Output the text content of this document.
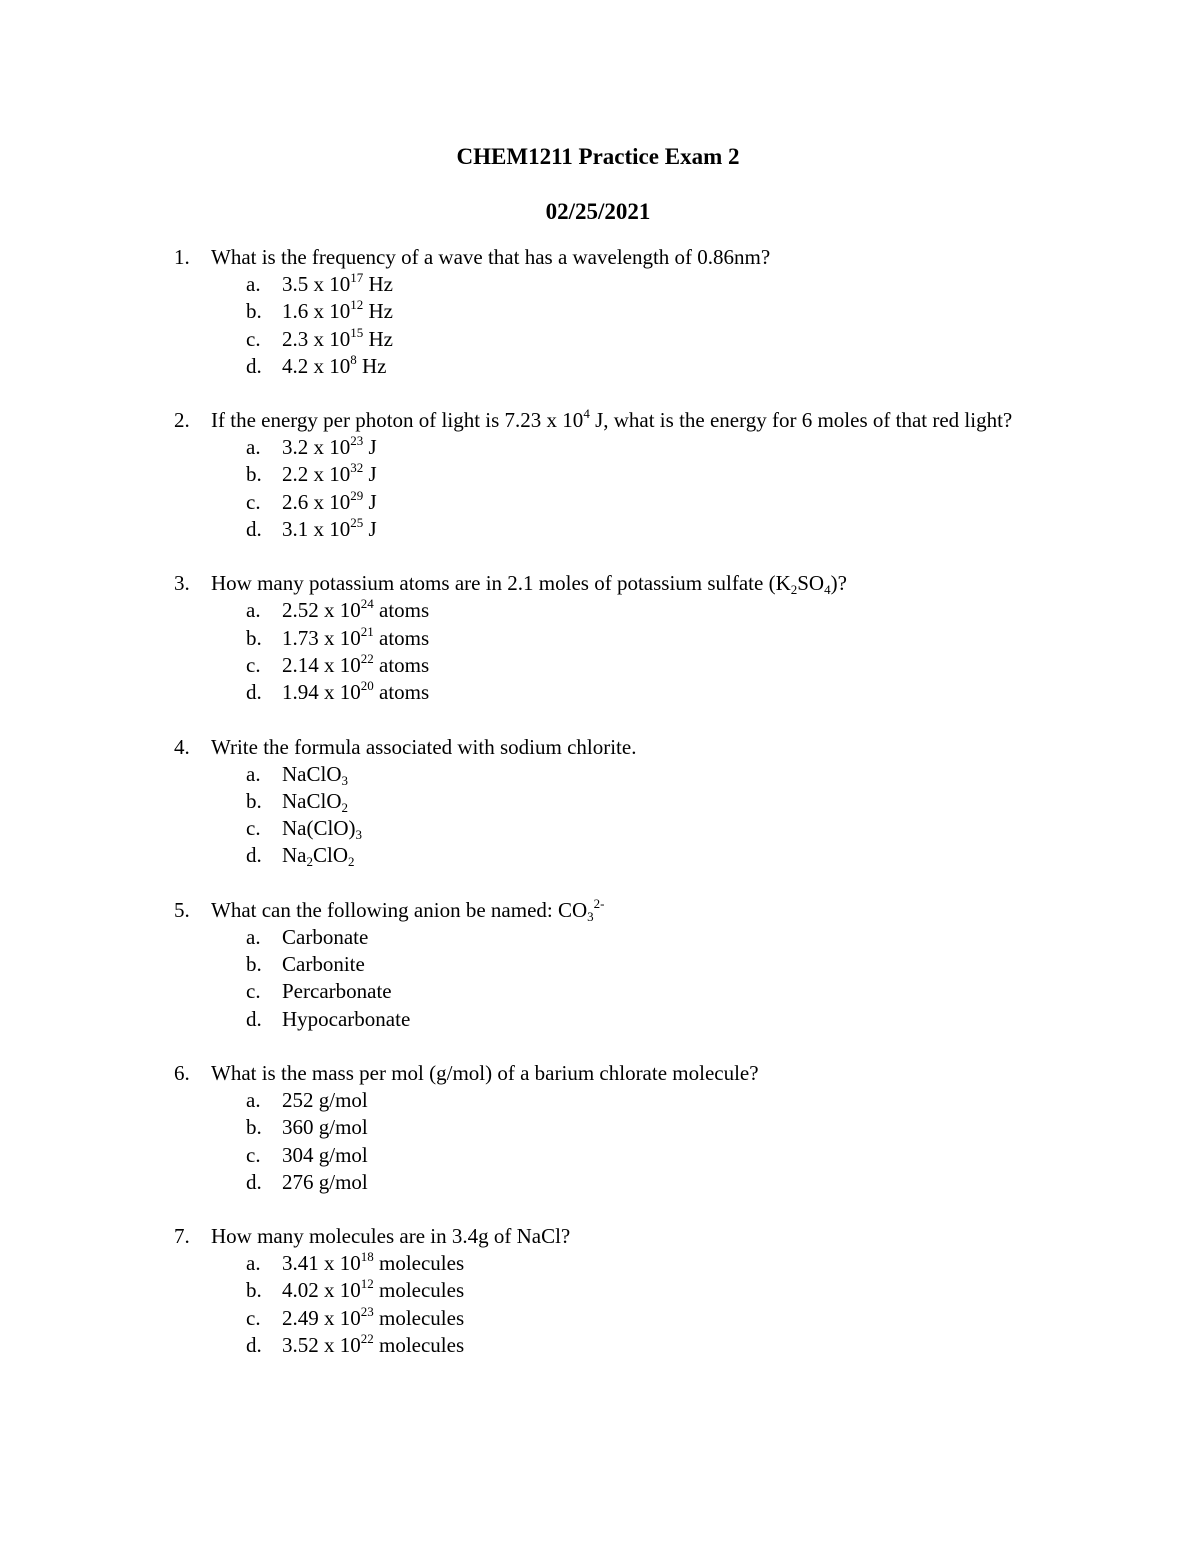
CHEM1211 Practice Exam 2
02/25/2021
1. What is the frequency of a wave that has a wavelength of 0.86nm?
a. 3.5 x $10^{17}$ Hz
b. 1.6 x $10^{12}$ Hz
c. 2.3 x $10^{15}$ Hz
d. 4.2 x $10^8$ Hz
2. If the energy per photon of light is 7.23 x $10^4$ J, what is the energy for 6 moles of that red light?
a. 3.2 x $10^{23}$ J
b. 2.2 x $10^{32}$ J
c. 2.6 x $10^{29}$ J
d. 3.1 x $10^{25}$ J
3. How many potassium atoms are in 2.1 moles of potassium sulfate $(K_2SO_4)$?
a. 2.52 x $10^{24}$ atoms
b. 1.73 x $10^{21}$ atoms
c. 2.14 x $10^{22}$ atoms
d. 1.94 x $10^{20}$ atoms
4. Write the formula associated with sodium chlorite.
a. NaClO$_3$
b. NaClO$_2$
c. $Na(ClO)_3$
d. $Na_2ClO_2$
5. What can the following anion be named: $CO_3^{2-}$
a. Carbonate
b. Carbonite
c. Percarbonate
d. Hypocarbonate
6. What is the mass per mol (g/mol) of a barium chlorate molecule?
a. 252 g/mol
b. 360 g/mol
c. 304 g/mol
d. 276 g/mol
7. How many molecules are in 3.4g of NaCl?
a. 3.41 x $10^{18}$ molecules
b. 4.02 x $10^{12}$ molecules
c. 2.49 x $10^{23}$ molecules
d. 3.52 x $10^{22}$ molecules
